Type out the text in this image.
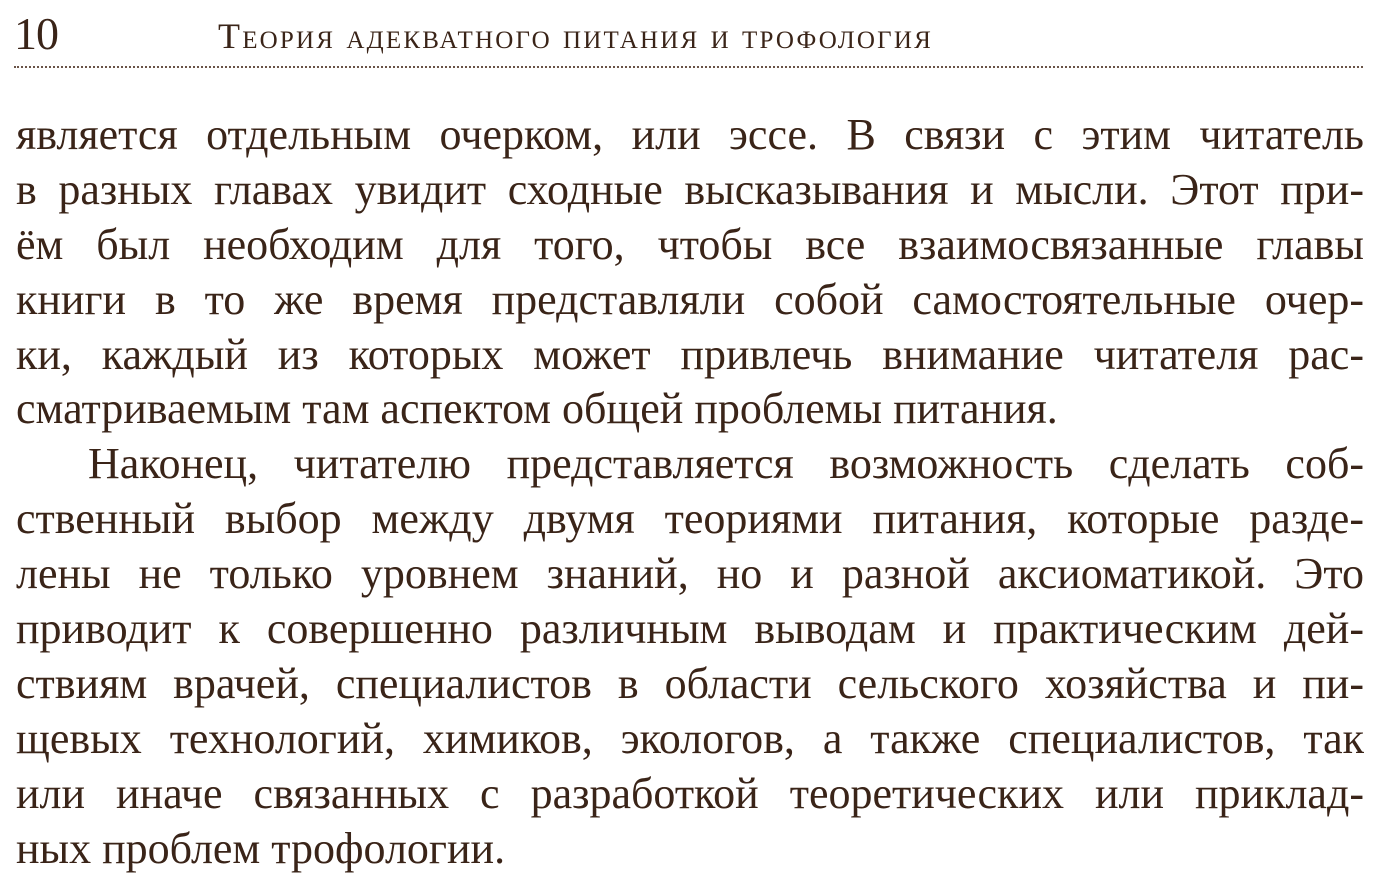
10	Теория адекватного питания и трофология
является отдельным очерком, или эссе. В связи с этим читатель
в разных главах увидит сходные высказывания и мысли. Этот при-
ём был необходим для того, чтобы все взаимосвязанные главы
книги в то же время представляли собой самостоятельные очер-
ки, каждый из которых может привлечь внимание читателя рас-
сматриваемым там аспектом общей проблемы питания.
Наконец, читателю представляется возможность сделать соб-
ственный выбор между двумя теориями питания, которые разде-
лены не только уровнем знаний, но и разной аксиоматикой. Это
приводит к совершенно различным выводам и практическим дей-
ствиям врачей, специалистов в области сельского хозяйства и пи-
щевых технологий, химиков, экологов, а также специалистов, так
или иначе связанных с разработкой теоретических или приклад-
ных проблем трофологии.
